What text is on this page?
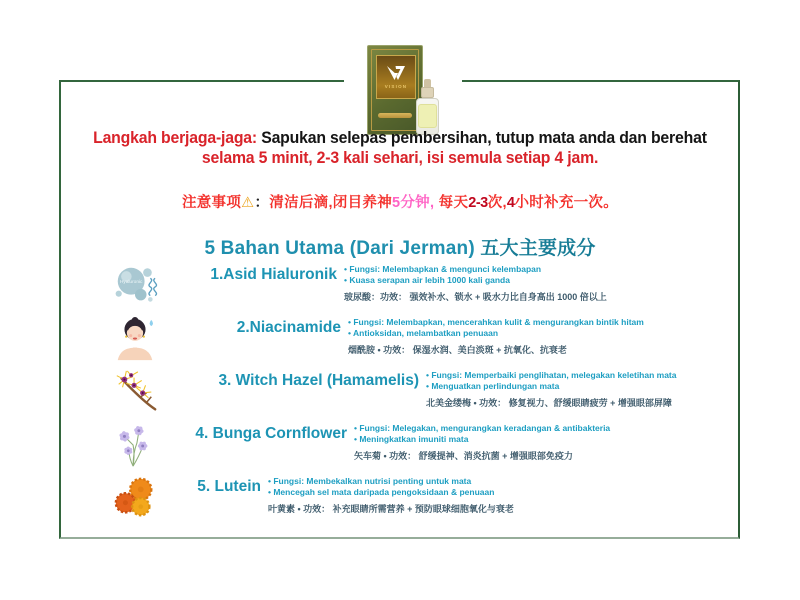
VISION
Langkah berjaga-jaga: Sapukan selepas pembersihan, tutup mata anda dan berehat
selama 5 minit, 2-3 kali sehari, isi semula setiap 4 jam.
注意事项⚠：清洁后滴,闭目养神5分钟, 每天2-3次,4小时补充一次。
5 Bahan Utama (Dari Jerman) 五大主要成分
Hyaluronic	1.Asid Hialuronik	• Fungsi: Melembapkan & mengunci kelembapan
• Kuasa serapan air lebih 1000 kali ganda
玻尿酸：功效： 强效补水、锁水 + 吸水力比自身高出 1000 倍以上
2.Niacinamide	• Fungsi: Melembapkan, mencerahkan kulit & mengurangkan bintik hitam
• Antioksidan, melambatkan penuaan
烟酰胺 • 功效： 保湿水润、美白淡斑 + 抗氧化、抗衰老
3. Witch Hazel (Hamamelis)	• Fungsi: Memperbaiki penglihatan, melegakan keletihan mata
• Menguatkan perlindungan mata
北美金缕梅 • 功效： 修复视力、舒缓眼睛疲劳 + 增强眼部屏障
4. Bunga Cornflower	• Fungsi: Melegakan, mengurangkan keradangan & antibakteria
• Meningkatkan imuniti mata
矢车菊 • 功效： 舒缓提神、消炎抗菌 + 增强眼部免疫力
5. Lutein	• Fungsi: Membekalkan nutrisi penting untuk mata
• Mencegah sel mata daripada pengoksidaan & penuaan
叶黄素 • 功效： 补充眼睛所需营养 + 预防眼球细胞氧化与衰老
